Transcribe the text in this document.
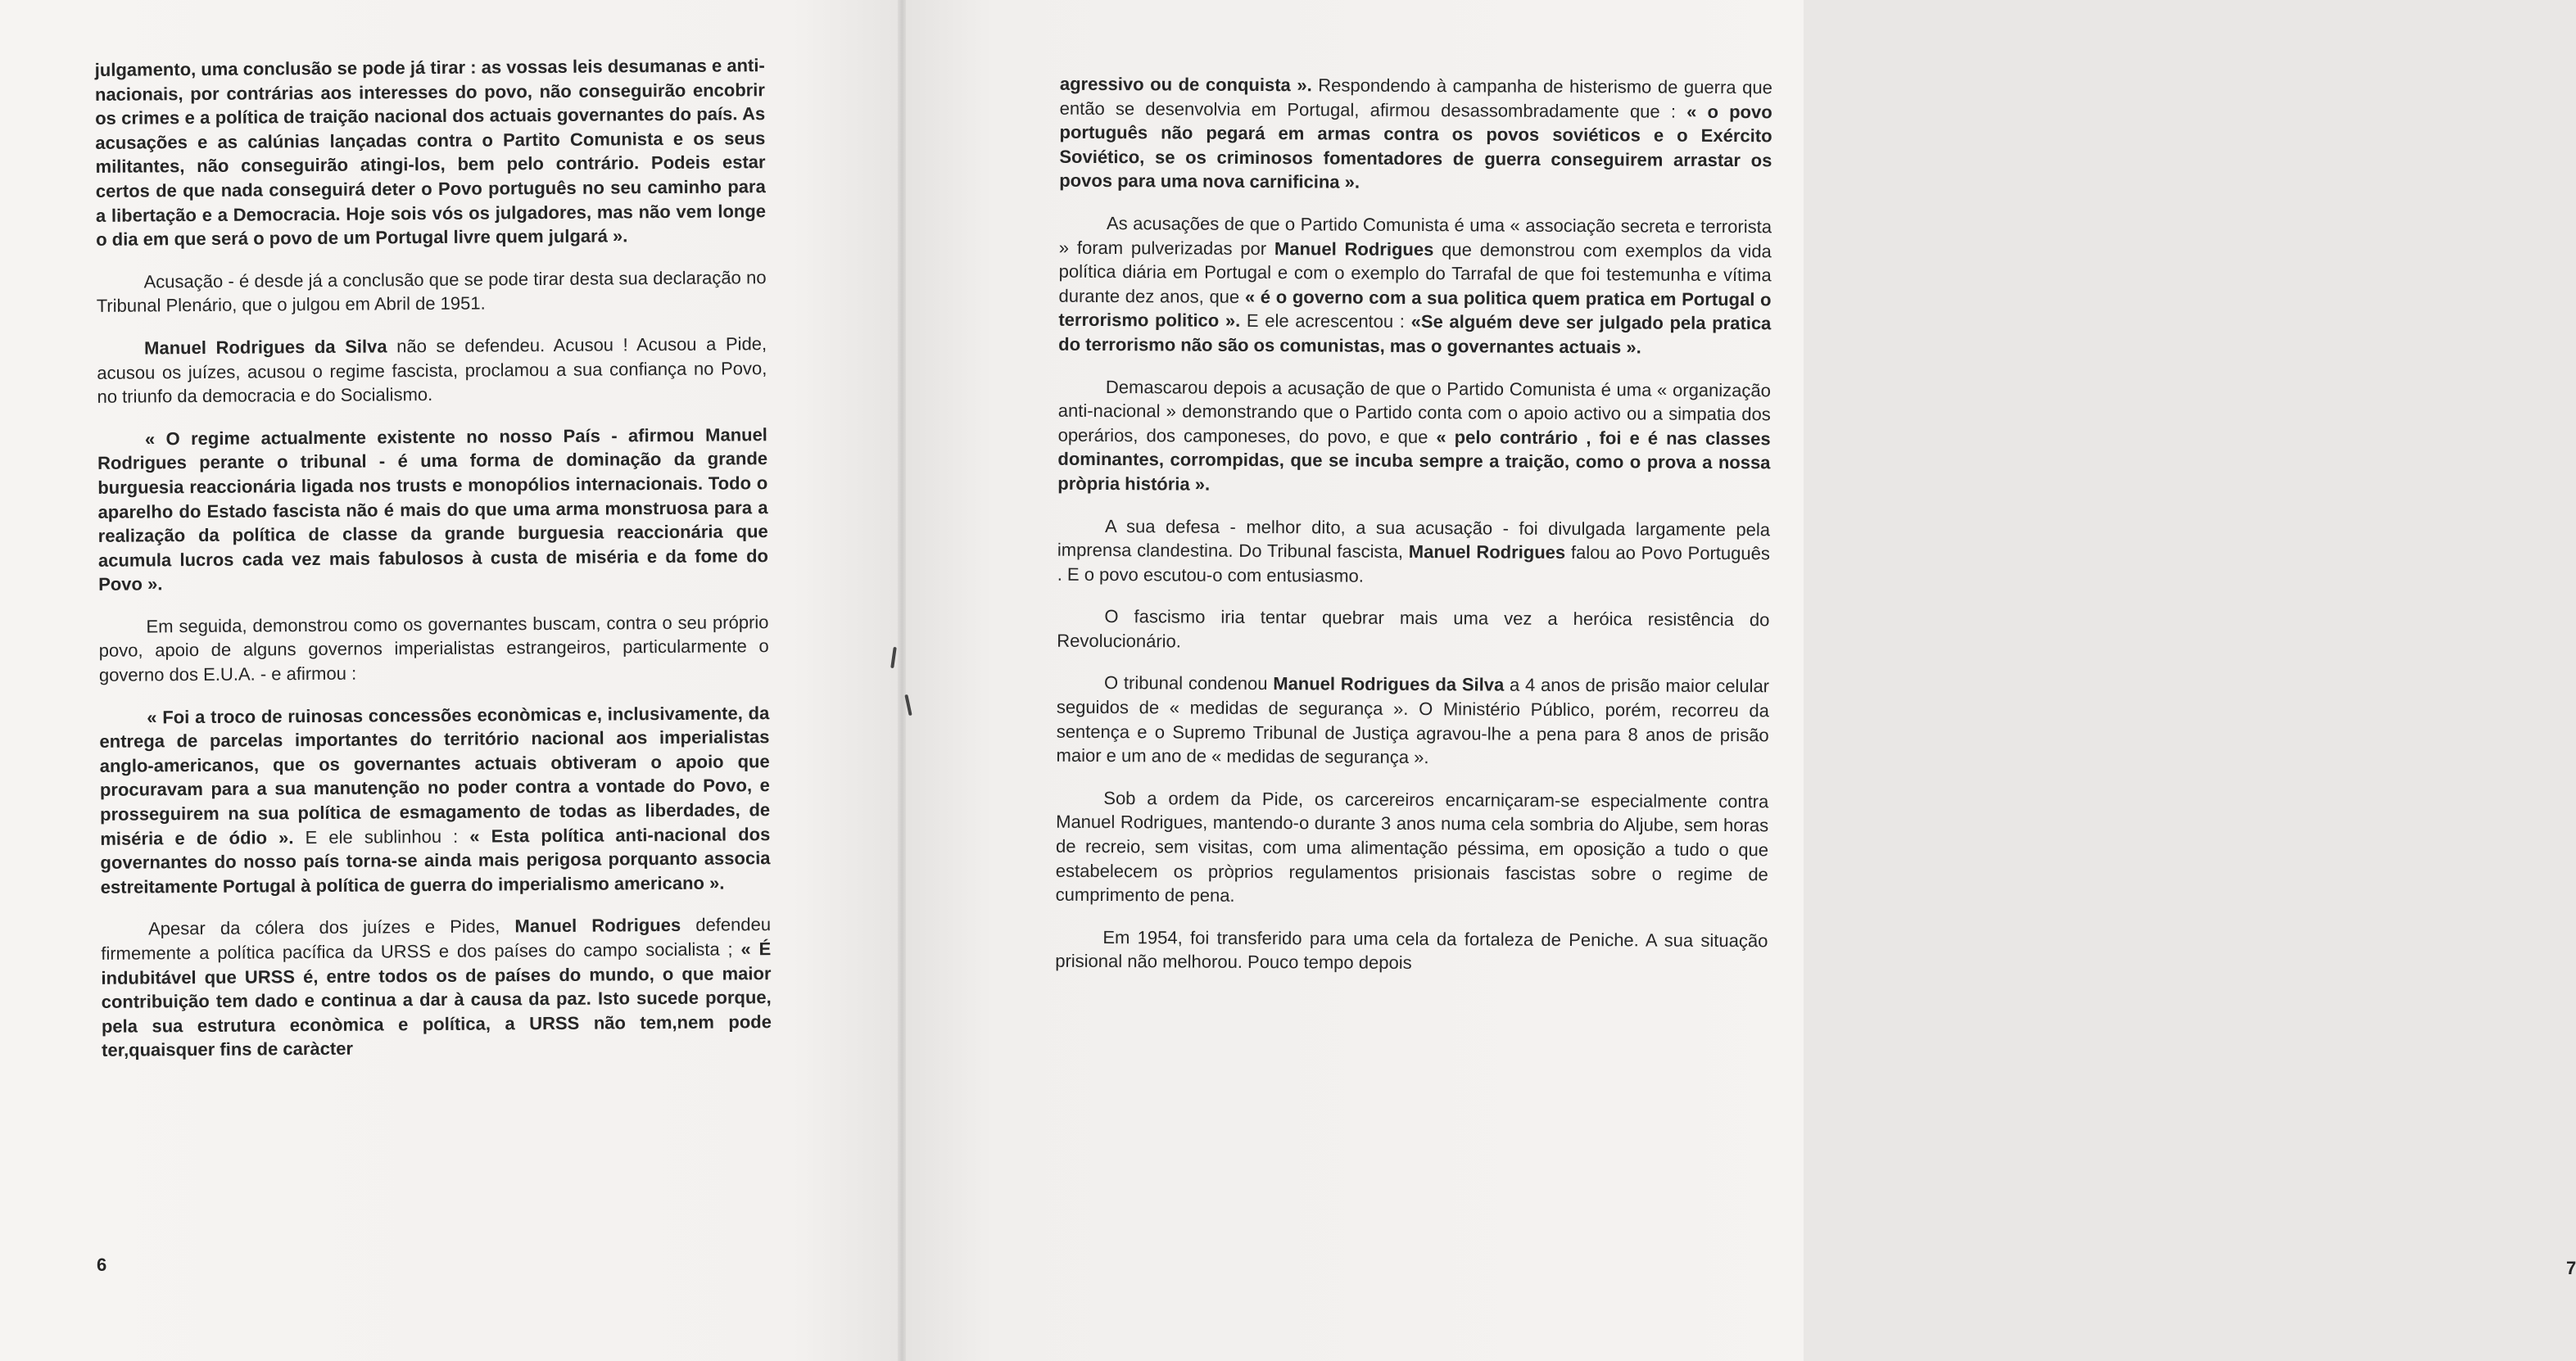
julgamento, uma conclusão se pode já tirar : as vossas leis desumanas e anti-nacionais, por contrárias aos interesses do povo, não conseguirão encobrir os crimes e a política de traição nacional dos actuais governantes do país. As acusações e as calúnias lançadas contra o Partito Comunista e os seus militantes, não conseguirão atingi-los, bem pelo contrário. Podeis estar certos de que nada conseguirá deter o Povo português no seu caminho para a libertação e a Democracia. Hoje sois vós os julgadores, mas não vem longe o dia em que será o povo de um Portugal livre quem julgará ».

Acusação - é desde já a conclusão que se pode tirar desta sua declaração no Tribunal Plenário, que o julgou em Abril de 1951.

Manuel Rodrigues da Silva não se defendeu. Acusou ! Acusou a Pide, acusou os juízes, acusou o regime fascista, proclamou a sua confiança no Povo, no triunfo da democracia e do Socialismo.

« O regime actualmente existente no nosso País - afirmou Manuel Rodrigues perante o tribunal - é uma forma de dominação da grande burguesia reaccionária ligada nos trusts e monopólios internacionais. Todo o aparelho do Estado fascista não é mais do que uma arma monstruosa para a realização da política de classe da grande burguesia reaccionária que acumula lucros cada vez mais fabulosos à custa de miséria e da fome do Povo ».

Em seguida, demonstrou como os governantes buscam, contra o seu próprio povo, apoio de alguns governos imperialistas estrangeiros, particularmente o governo dos E.U.A. - e afirmou :

« Foi a troco de ruinosas concessões econòmicas e, inclusivamente, da entrega de parcelas importantes do território nacional aos imperialistas anglo-americanos, que os governantes actuais obtiveram o apoio que procuravam para a sua manutenção no poder contra a vontade do Povo, e prosseguirem na sua política de esmagamento de todas as liberdades, de miséria e de ódio ». E ele sublinhou : « Esta política anti-nacional dos governantes do nosso país torna-se ainda mais perigosa porquanto associa estreitamente Portugal à política de guerra do imperialismo americano ».

Apesar da cólera dos juízes e Pides, Manuel Rodrigues defendeu firmemente a política pacífica da URSS e dos países do campo socialista ; « É indubitável que URSS é, entre todos os de países do mundo, o que maior contribuição tem dado e continua a dar à causa da paz. Isto sucede porque, pela sua estrutura econòmica e política, a URSS não tem,nem pode ter,quaisquer fins de caràcter

6

agressivo ou de conquista ». Respondendo à campanha de histerismo de guerra que então se desenvolvia em Portugal, afirmou desassombradamente que : « o povo português não pegará em armas contra os povos soviéticos e o Exército Soviético, se os criminosos fomentadores de guerra conseguirem arrastar os povos para uma nova carnificina ».

As acusações de que o Partido Comunista é uma « associação secreta e terrorista » foram pulverizadas por Manuel Rodrigues que demonstrou com exemplos da vida política diária em Portugal e com o exemplo do Tarrafal de que foi testemunha e vítima durante dez anos, que « é o governo com a sua politica quem pratica em Portugal o terrorismo politico ». E ele acrescentou : «Se alguém deve ser julgado pela pratica do terrorismo não são os comunistas, mas o governantes actuais ».

Demascarou depois a acusação de que o Partido Comunista é uma « organização anti-nacional » demonstrando que o Partido conta com o apoio activo ou a simpatia dos operários, dos camponeses, do povo, e que « pelo contrário , foi e é nas classes dominantes, corrompidas, que se incuba sempre a traição, como o prova a nossa pròpria história ».

A sua defesa - melhor dito, a sua acusação - foi divulgada largamente pela imprensa clandestina. Do Tribunal fascista, Manuel Rodrigues falou ao Povo Português . E o povo escutou-o com entusiasmo.

O fascismo iria tentar quebrar mais uma vez a heróica resistência do Revolucionário.

O tribunal condenou Manuel Rodrigues da Silva a 4 anos de prisão maior celular seguidos de « medidas de segurança ». O Ministério Público, porém, recorreu da sentença e o Supremo Tribunal de Justiça agravou-lhe a pena para 8 anos de prisão maior e um ano de « medidas de segurança ».

Sob a ordem da Pide, os carcereiros encarniçaram-se especialmente contra Manuel Rodrigues, mantendo-o durante 3 anos numa cela sombria do Aljube, sem horas de recreio, sem visitas, com uma alimentação péssima, em oposição a tudo o que estabelecem os pròprios regulamentos prisionais fascistas sobre o regime de cumprimento de pena.

Em 1954, foi transferido para uma cela da fortaleza de Peniche. A sua situação prisional não melhorou. Pouco tempo depois

7
